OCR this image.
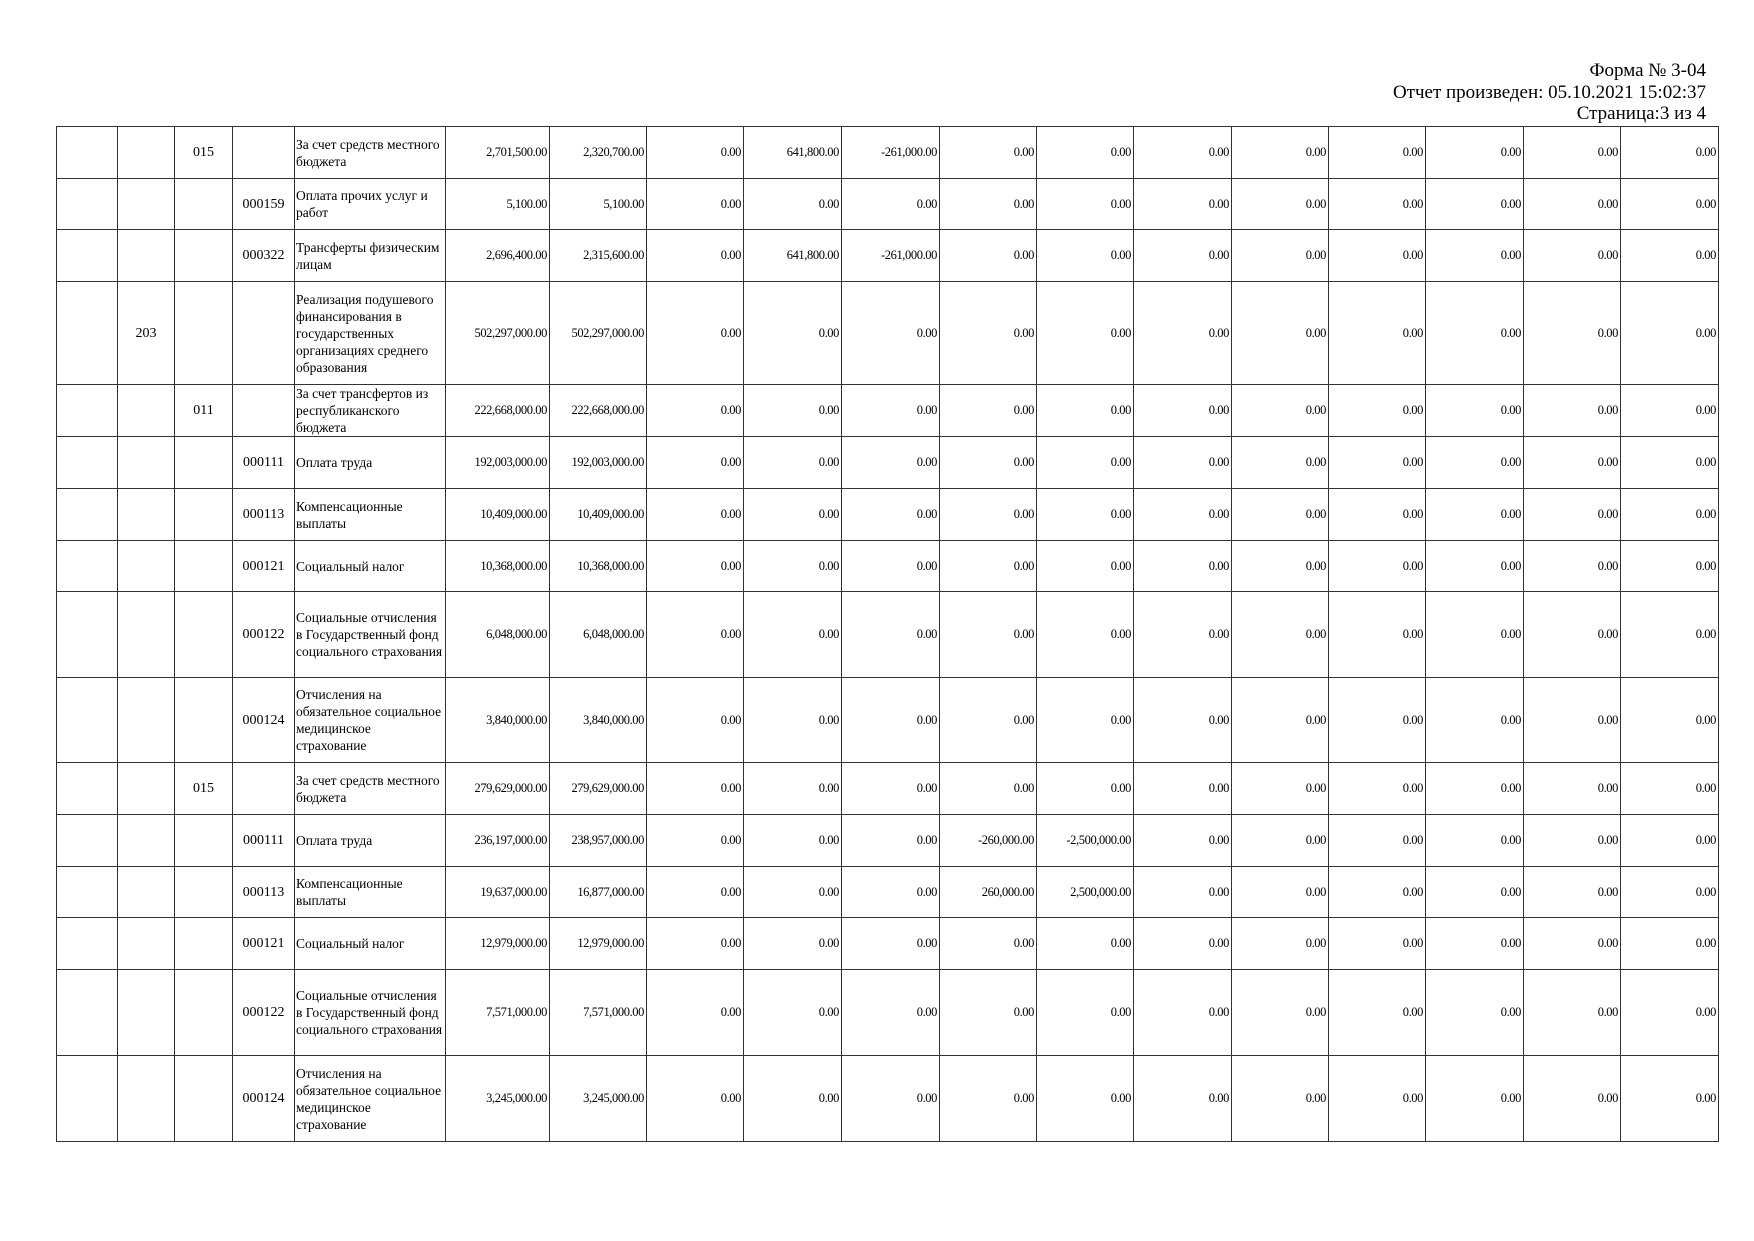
Форма № 3-04
Отчет произведен: 05.10.2021 15:02:37
Страница:3 из 4
		015		За счет средств местного бюджета	2,701,500.00	2,320,700.00	0.00	641,800.00	-261,000.00	0.00	0.00	0.00	0.00	0.00	0.00	0.00	0.00
			000159	Оплата прочих услуг и работ	5,100.00	5,100.00	0.00	0.00	0.00	0.00	0.00	0.00	0.00	0.00	0.00	0.00	0.00
			000322	Трансферты физическим лицам	2,696,400.00	2,315,600.00	0.00	641,800.00	-261,000.00	0.00	0.00	0.00	0.00	0.00	0.00	0.00	0.00
	203			Реализация подушевого финансирования в государственных организациях среднего образования	502,297,000.00	502,297,000.00	0.00	0.00	0.00	0.00	0.00	0.00	0.00	0.00	0.00	0.00	0.00
		011		За счет трансфертов из республиканского бюджета	222,668,000.00	222,668,000.00	0.00	0.00	0.00	0.00	0.00	0.00	0.00	0.00	0.00	0.00	0.00
			000111	Оплата труда	192,003,000.00	192,003,000.00	0.00	0.00	0.00	0.00	0.00	0.00	0.00	0.00	0.00	0.00	0.00
			000113	Компенсационные выплаты	10,409,000.00	10,409,000.00	0.00	0.00	0.00	0.00	0.00	0.00	0.00	0.00	0.00	0.00	0.00
			000121	Социальный налог	10,368,000.00	10,368,000.00	0.00	0.00	0.00	0.00	0.00	0.00	0.00	0.00	0.00	0.00	0.00
			000122	Социальные отчисления в Государственный фонд социального страхования	6,048,000.00	6,048,000.00	0.00	0.00	0.00	0.00	0.00	0.00	0.00	0.00	0.00	0.00	0.00
			000124	Отчисления на обязательное социальное медицинское страхование	3,840,000.00	3,840,000.00	0.00	0.00	0.00	0.00	0.00	0.00	0.00	0.00	0.00	0.00	0.00
		015		За счет средств местного бюджета	279,629,000.00	279,629,000.00	0.00	0.00	0.00	0.00	0.00	0.00	0.00	0.00	0.00	0.00	0.00
			000111	Оплата труда	236,197,000.00	238,957,000.00	0.00	0.00	0.00	-260,000.00	-2,500,000.00	0.00	0.00	0.00	0.00	0.00	0.00
			000113	Компенсационные выплаты	19,637,000.00	16,877,000.00	0.00	0.00	0.00	260,000.00	2,500,000.00	0.00	0.00	0.00	0.00	0.00	0.00
			000121	Социальный налог	12,979,000.00	12,979,000.00	0.00	0.00	0.00	0.00	0.00	0.00	0.00	0.00	0.00	0.00	0.00
			000122	Социальные отчисления в Государственный фонд социального страхования	7,571,000.00	7,571,000.00	0.00	0.00	0.00	0.00	0.00	0.00	0.00	0.00	0.00	0.00	0.00
			000124	Отчисления на обязательное социальное медицинское страхование	3,245,000.00	3,245,000.00	0.00	0.00	0.00	0.00	0.00	0.00	0.00	0.00	0.00	0.00	0.00
